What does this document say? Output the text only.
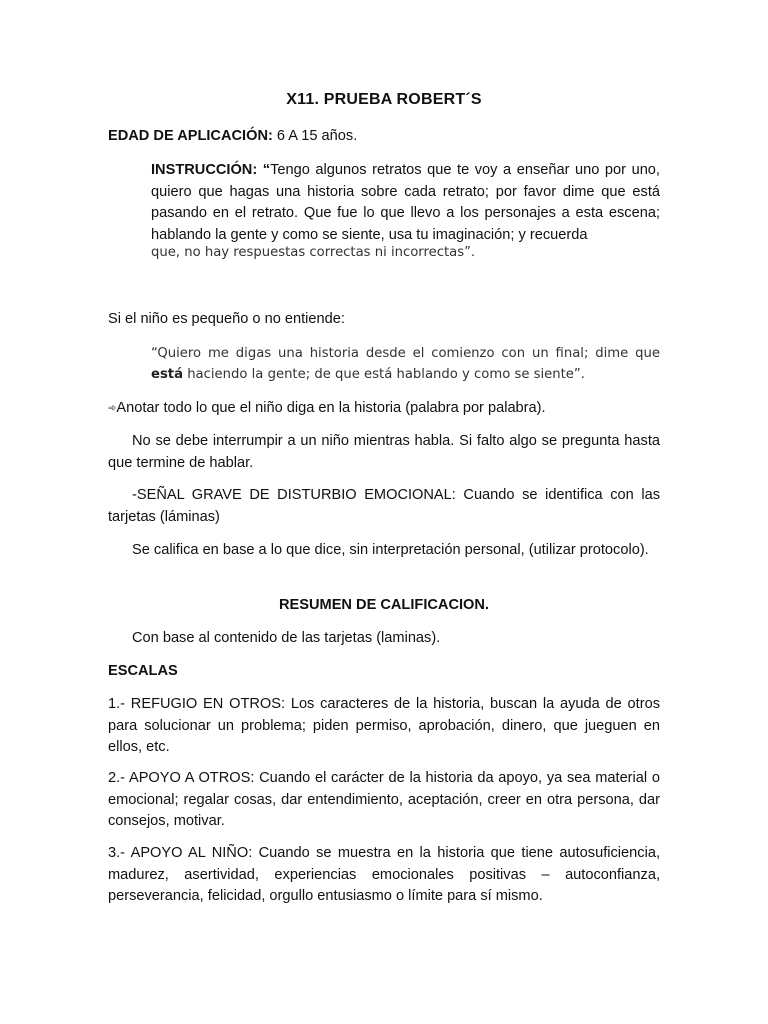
X11. PRUEBA ROBERT´S
EDAD DE APLICACIÓN: 6 A 15 años.
INSTRUCCIÓN: “Tengo algunos retratos que te voy a enseñar uno por uno, quiero que hagas una historia sobre cada retrato; por favor dime que está pasando en el retrato. Que fue lo que llevo a los personajes a esta escena; hablando la gente y como se siente, usa tu imaginación; y recuerda
que, no hay respuestas correctas ni incorrectas”.
Si el niño es pequeño o no entiende:
“Quiero me digas una historia desde el comienzo con un final; dime que
está haciendo la gente; de que está hablando y como se siente”.
➾Anotar todo lo que el niño diga en la historia (palabra por palabra).
No se debe interrumpir a un niño mientras habla. Si falto algo se pregunta hasta que termine de hablar.
-SEÑAL GRAVE DE DISTURBIO EMOCIONAL: Cuando se identifica con las tarjetas (láminas)
Se califica en base a lo que dice, sin interpretación personal, (utilizar protocolo).
RESUMEN DE CALIFICACION.
Con base al contenido de las tarjetas (laminas).
ESCALAS
1.- REFUGIO EN OTROS: Los caracteres de la historia, buscan la ayuda de otros para solucionar un problema; piden permiso, aprobación, dinero, que jueguen en ellos, etc.
2.- APOYO A OTROS: Cuando el carácter de la historia da apoyo, ya sea material o emocional; regalar cosas, dar entendimiento, aceptación, creer en otra persona, dar consejos, motivar.
3.- APOYO AL NIÑO: Cuando se muestra en la historia que tiene autosuficiencia, madurez, asertividad, experiencias emocionales positivas – autoconfianza, perseverancia, felicidad, orgullo entusiasmo o límite para sí mismo.
